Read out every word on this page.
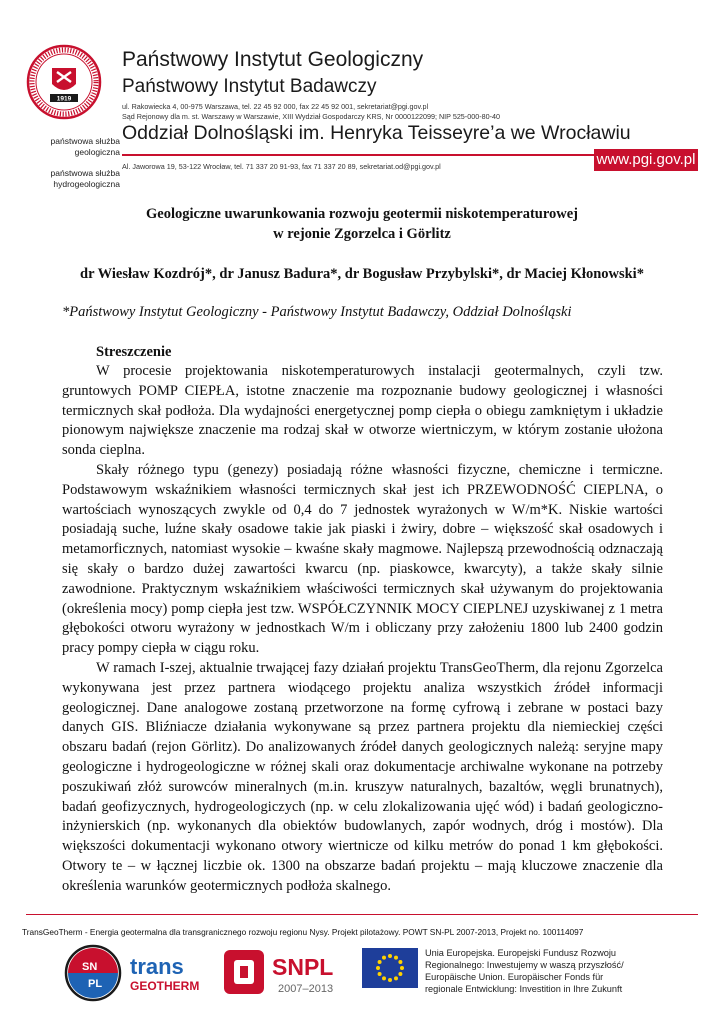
1919
państwowa służba geologiczna
państwowa służba hydrogeologiczna
Państwowy Instytut Geologiczny
Państwowy Instytut Badawczy
ul. Rakowiecka 4, 00-975 Warszawa, tel. 22 45 92 000, fax 22 45 92 001, sekretariat@pgi.gov.pl
Sąd Rejonowy dla m. st. Warszawy w Warszawie, XIII Wydział Gospodarczy KRS, Nr 0000122099; NIP 525-000-80-40
Oddział Dolnośląski im. Henryka Teisseyre’a we Wrocławiu
www.pgi.gov.pl
Al. Jaworowa 19, 53-122 Wrocław, tel. 71 337 20 91-93, fax 71 337 20 89, sekretariat.od@pgi.gov.pl
Geologiczne uwarunkowania rozwoju geotermii niskotemperaturowej
w rejonie Zgorzelca i Görlitz
dr Wiesław Kozdrój*, dr Janusz Badura*, dr Bogusław Przybylski*, dr Maciej Kłonowski*
*Państwowy Instytut Geologiczny - Państwowy Instytut Badawczy, Oddział Dolnośląski
Streszczenie

W procesie projektowania niskotemperaturowych instalacji geotermalnych, czyli tzw. gruntowych POMP CIEPŁA, istotne znaczenie ma rozpoznanie budowy geologicznej i własności termicznych skał podłoża. Dla wydajności energetycznej pomp ciepła o obiegu zamkniętym i układzie pionowym największe znaczenie ma rodzaj skał w otworze wiertniczym, w którym zostanie ułożona sonda cieplna.

Skały różnego typu (genezy) posiadają różne własności fizyczne, chemiczne i termiczne. Podstawowym wskaźnikiem własności termicznych skał jest ich PRZEWODNOŚĆ CIEPLNA, o wartościach wynoszących zwykle od 0,4 do 7 jednostek wyrażonych w W/m*K. Niskie wartości posiadają suche, luźne skały osadowe takie jak piaski i żwiry, dobre – większość skał osadowych i metamorficznych, natomiast wysokie – kwaśne skały magmowe. Najlepszą przewodnością odznaczają się skały o bardzo dużej zawartości kwarcu (np. piaskowce, kwarcyty), a także skały silnie zawodnione. Praktycznym wskaźnikiem właściwości termicznych skał używanym do projektowania (określenia mocy) pomp ciepła jest tzw. WSPÓŁCZYNNIK MOCY CIEPLNEJ uzyskiwanej z 1 metra głębokości otworu wyrażony w jednostkach W/m i obliczany przy założeniu 1800 lub 2400 godzin pracy pompy ciepła w ciągu roku.

W ramach I-szej, aktualnie trwającej fazy działań projektu TransGeoTherm, dla rejonu Zgorzelca wykonywana jest przez partnera wiodącego projektu analiza wszystkich źródeł informacji geologicznej. Dane analogowe zostaną przetworzone na formę cyfrową i zebrane w postaci bazy danych GIS. Bliźniacze działania wykonywane są przez partnera projektu dla niemieckiej części obszaru badań (rejon Görlitz). Do analizowanych źródeł danych geologicznych należą: seryjne mapy geologiczne i hydrogeologiczne w różnej skali oraz dokumentacje archiwalne wykonane na potrzeby poszukiwań złóż surowców mineralnych (m.in. kruszyw naturalnych, bazaltów, węgli brunatnych), badań geofizycznych, hydrogeologiczych (np. w celu zlokalizowania ujęć wód) i badań geologiczno-inżynierskich (np. wykonanych dla obiektów budowlanych, zapór wodnych, dróg i mostów). Dla większości dokumentacji wykonano otwory wiertnicze od kilku metrów do ponad 1 km głębokości. Otwory te – w łącznej liczbie ok. 1300 na obszarze badań projektu – mają kluczowe znaczenie dla określenia warunków geotermicznych podłoża skalnego.

TransGeoTherm - Energia geotermalna dla transgranicznego rozwoju regionu Nysy. Projekt pilotażowy. POWT SN-PL 2007-2013, Projekt no. 100114097
SN
PL
trans
GEOTHERM
SNPL
2007–2013
Unia Europejska. Europejski Fundusz Rozwoju
Regionalnego: Inwestujemy w waszą przyszłość/
Europäische Union. Europäischer Fonds für
regionale Entwicklung: Investition in Ihre Zukunft
